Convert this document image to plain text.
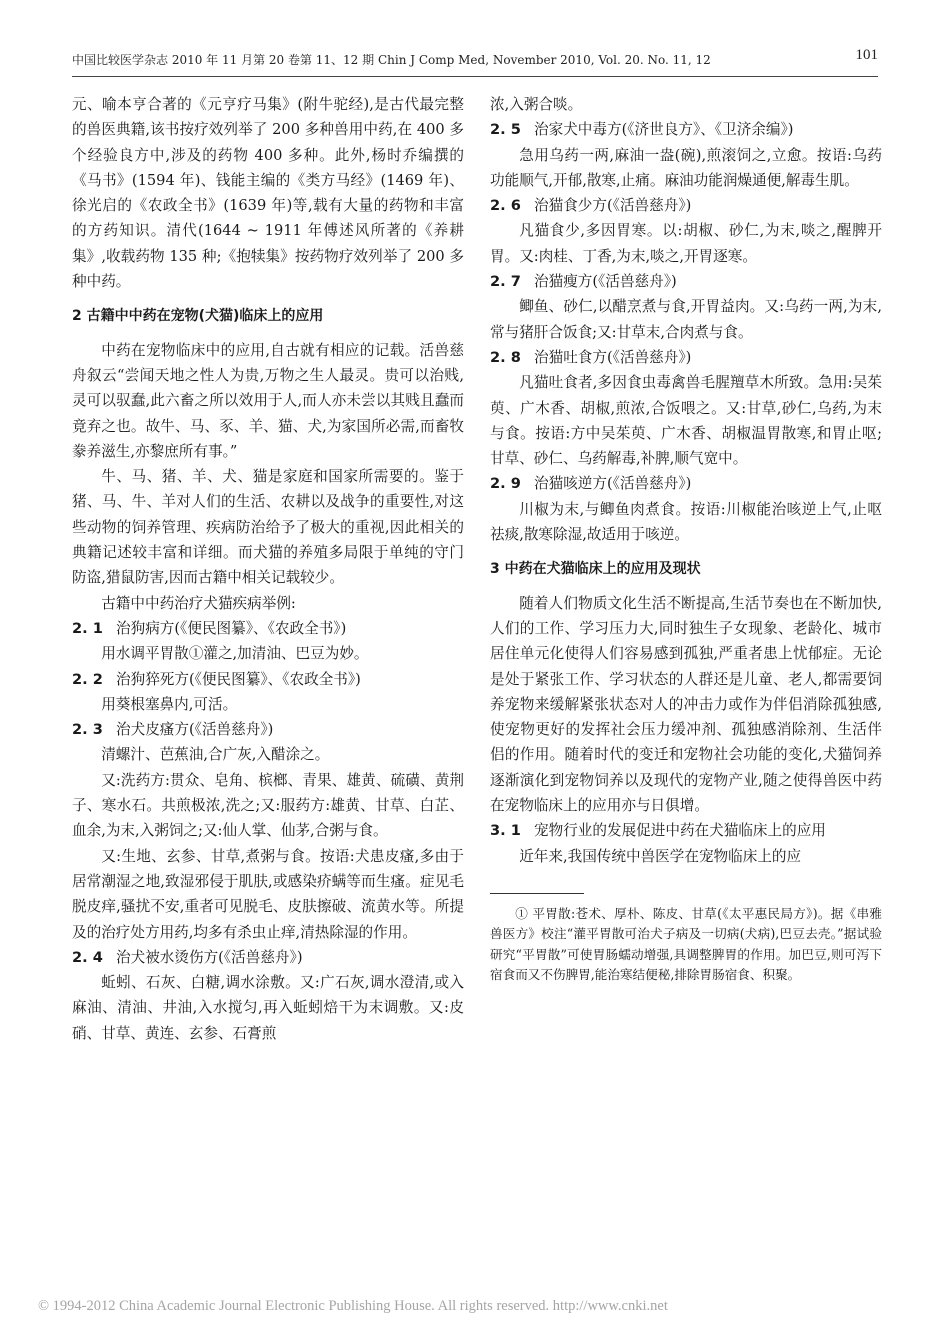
中国比较医学杂志 2010 年 11 月第 20 卷第 11、12 期 Chin J Comp Med, November 2010, Vol. 20. No. 11, 12	101

元、喻本亨合著的《元亨疗马集》(附牛驼经),是古代最完整的兽医典籍,该书按疗效列举了 200 多种兽用中药,在 400 多个经验良方中,涉及的药物 400 多种。此外,杨时乔编撰的《马书》(1594 年)、钱能主编的《类方马经》(1469 年)、徐光启的《农政全书》(1639 年)等,载有大量的药物和丰富的方药知识。清代(1644 ~ 1911 年傅述风所著的《养耕集》,收载药物 135 种;《抱犊集》按药物疗效列举了 200 多种中药。

2 古籍中中药在宠物(犬猫)临床上的应用

中药在宠物临床中的应用,自古就有相应的记载。活兽慈舟叙云“尝闻天地之性人为贵,万物之生人最灵。贵可以治贱,灵可以驭蠢,此六畜之所以效用于人,而人亦未尝以其贱且蠢而竟弃之也。故牛、马、豕、羊、猫、犬,为家国所必需,而畜牧豢养滋生,亦黎庶所有事。”

牛、马、猪、羊、犬、猫是家庭和国家所需要的。鉴于猪、马、牛、羊对人们的生活、农耕以及战争的重要性,对这些动物的饲养管理、疾病防治给予了极大的重视,因此相关的典籍记述较丰富和详细。而犬猫的养殖多局限于单纯的守门防盗,猎鼠防害,因而古籍中相关记载较少。

古籍中中药治疗犬猫疾病举例:

2. 1 治狗病方(《便民图纂》、《农政全书》)

用水调平胃散①灌之,加清油、巴豆为妙。

2. 2 治狗猝死方(《便民图纂》、《农政全书》)

用葵根塞鼻内,可活。

2. 3 治犬皮瘙方(《活兽慈舟》)

清螺汁、芭蕉油,合广灰,入醋涂之。

又:洗药方:贯众、皂角、槟榔、青果、雄黄、硫磺、黄荆子、寒水石。共煎极浓,洗之;又:服药方:雄黄、甘草、白芷、血余,为末,入粥饲之;又:仙人掌、仙茅,合粥与食。

又:生地、玄参、甘草,煮粥与食。按语:犬患皮瘙,多由于居常潮湿之地,致湿邪侵于肌肤,或感染疥螨等而生瘙。症见毛脱皮痒,骚扰不安,重者可见脱毛、皮肤擦破、流黄水等。所提及的治疗处方用药,均多有杀虫止痒,清热除湿的作用。

2. 4 治犬被水烫伤方(《活兽慈舟》)

蚯蚓、石灰、白糖,调水涂敷。又:广石灰,调水澄清,或入麻油、清油、井油,入水搅匀,再入蚯蚓焙干为末调敷。又:皮硝、甘草、黄连、玄参、石膏煎

浓,入粥合啖。

2. 5 治家犬中毒方(《济世良方》、《卫济余编》)

急用乌药一两,麻油一盎(碗),煎滚饲之,立愈。按语:乌药功能顺气,开郁,散寒,止痛。麻油功能润燥通便,解毒生肌。

2. 6 治猫食少方(《活兽慈舟》)

凡猫食少,多因胃寒。以:胡椒、砂仁,为末,啖之,醒脾开胃。又:肉桂、丁香,为末,啖之,开胃逐寒。

2. 7 治猫瘦方(《活兽慈舟》)

鲫鱼、砂仁,以醋烹煮与食,开胃益肉。又:乌药一两,为末,常与猪肝合饭食;又:甘草末,合肉煮与食。

2. 8 治猫吐食方(《活兽慈舟》)

凡猫吐食者,多因食虫毒禽兽毛腥羶草木所致。急用:吴茱萸、广木香、胡椒,煎浓,合饭喂之。又:甘草,砂仁,乌药,为末与食。按语:方中吴茱萸、广木香、胡椒温胃散寒,和胃止呕;甘草、砂仁、乌药解毒,补脾,顺气宽中。

2. 9 治猫咳逆方(《活兽慈舟》)

川椒为末,与鲫鱼肉煮食。按语:川椒能治咳逆上气,止呕祛痰,散寒除湿,故适用于咳逆。

3 中药在犬猫临床上的应用及现状

随着人们物质文化生活不断提高,生活节奏也在不断加快,人们的工作、学习压力大,同时独生子女现象、老龄化、城市居住单元化使得人们容易感到孤独,严重者患上忧郁症。无论是处于紧张工作、学习状态的人群还是儿童、老人,都需要饲养宠物来缓解紧张状态对人的冲击力或作为伴侣消除孤独感,使宠物更好的发挥社会压力缓冲剂、孤独感消除剂、生活伴侣的作用。随着时代的变迁和宠物社会功能的变化,犬猫饲养逐渐演化到宠物饲养以及现代的宠物产业,随之使得兽医中药在宠物临床上的应用亦与日俱增。

3. 1 宠物行业的发展促进中药在犬猫临床上的应用

近年来,我国传统中兽医学在宠物临床上的应

① 平胃散:苍术、厚朴、陈皮、甘草(《太平惠民局方》)。据《串雅兽医方》校注“灌平胃散可治犬子病及一切病(犬病),巴豆去壳。”据试验研究“平胃散”可使胃肠蠕动增强,具调整脾胃的作用。加巴豆,则可泻下宿食而又不伤脾胃,能治寒结便秘,排除胃肠宿食、积聚。

© 1994-2012 China Academic Journal Electronic Publishing House. All rights reserved. http://www.cnki.net
